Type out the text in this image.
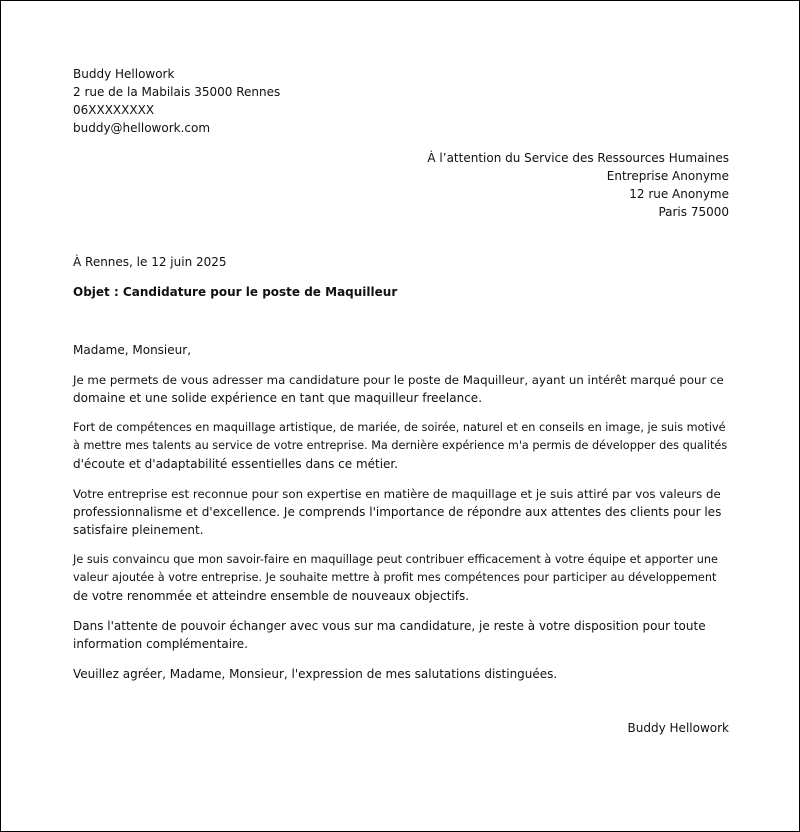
Buddy Hellowork
2 rue de la Mabilais 35000 Rennes
06XXXXXXXX
buddy@hellowork.com
À l’attention du Service des Ressources Humaines
Entreprise Anonyme
12 rue Anonyme
Paris 75000
À Rennes, le 12 juin 2025
Objet : Candidature pour le poste de Maquilleur
Madame, Monsieur,
Je me permets de vous adresser ma candidature pour le poste de Maquilleur, ayant un intérêt marqué pour ce
domaine et une solide expérience en tant que maquilleur freelance.
Fort de compétences en maquillage artistique, de mariée, de soirée, naturel et en conseils en image, je suis motivé
à mettre mes talents au service de votre entreprise. Ma dernière expérience m'a permis de développer des qualités
d'écoute et d'adaptabilité essentielles dans ce métier.
Votre entreprise est reconnue pour son expertise en matière de maquillage et je suis attiré par vos valeurs de
professionnalisme et d'excellence. Je comprends l'importance de répondre aux attentes des clients pour les
satisfaire pleinement.
Je suis convaincu que mon savoir-faire en maquillage peut contribuer efficacement à votre équipe et apporter une
valeur ajoutée à votre entreprise. Je souhaite mettre à profit mes compétences pour participer au développement
de votre renommée et atteindre ensemble de nouveaux objectifs.
Dans l'attente de pouvoir échanger avec vous sur ma candidature, je reste à votre disposition pour toute
information complémentaire.
Veuillez agréer, Madame, Monsieur, l'expression de mes salutations distinguées.
Buddy Hellowork
